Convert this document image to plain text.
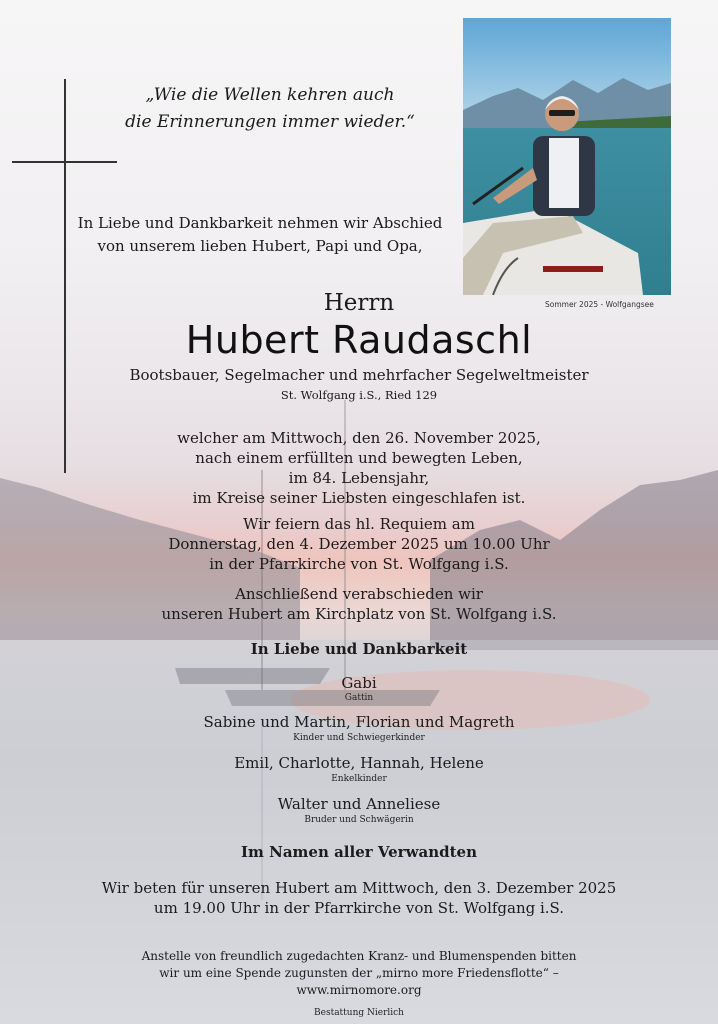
„Wie die Wellen kehren auch
die Erinnerungen immer wieder.“
In Liebe und Dankbarkeit nehmen wir Abschied
von unserem lieben Hubert, Papi und Opa,
Sommer 2025 - Wolfgangsee
Herrn
Hubert Raudaschl
Bootsbauer, Segelmacher und mehrfacher Segelweltmeister
St. Wolfgang i.S., Ried 129
welcher am Mittwoch, den 26. November 2025,
nach einem erfüllten und bewegten Leben,
im 84. Lebensjahr,
im Kreise seiner Liebsten eingeschlafen ist.
Wir feiern das hl. Requiem am
Donnerstag, den 4. Dezember 2025 um 10.00 Uhr
in der Pfarrkirche von St. Wolfgang i.S.
Anschließend verabschieden wir
unseren Hubert am Kirchplatz von St. Wolfgang i.S.
In Liebe und Dankbarkeit
Gabi
Gattin
Sabine und Martin, Florian und Magreth
Kinder und Schwiegerkinder
Emil, Charlotte, Hannah, Helene
Enkelkinder
Walter und Anneliese
Bruder und Schwägerin
Im Namen aller Verwandten
Wir beten für unseren Hubert am Mittwoch, den 3. Dezember 2025
um 19.00 Uhr in der Pfarrkirche von St. Wolfgang i.S.
Anstelle von freundlich zugedachten Kranz- und Blumenspenden bitten
wir um eine Spende zugunsten der „mirno more Friedensflotte“ –
www.mirnomore.org
Bestattung Nierlich
